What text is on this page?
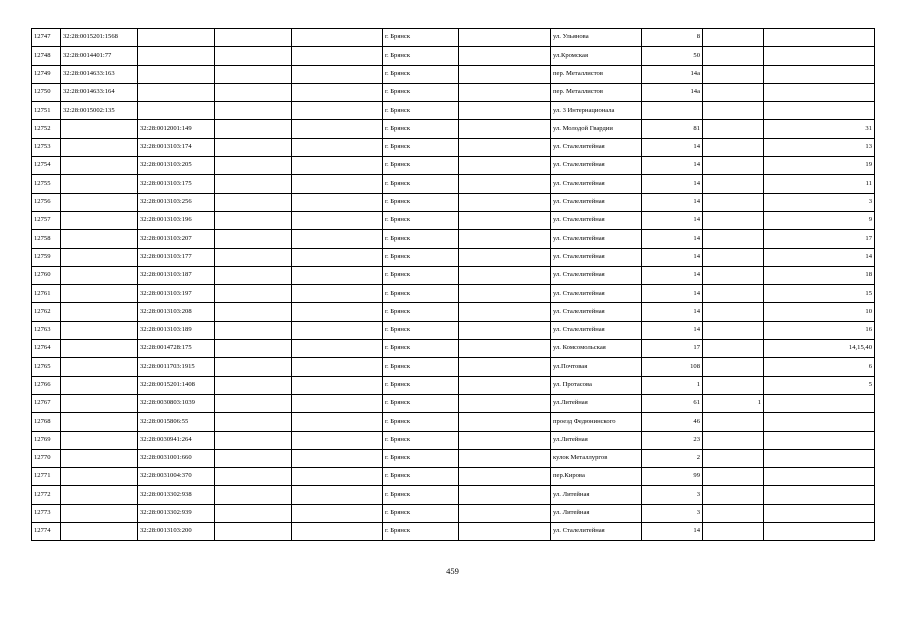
12747	32:28:0015201:1568				г. Брянск		ул. Ульянова	8		
12748	32:28:0014401:77				г. Брянск		ул.Кромская	50		
12749	32:28:0014633:163				г. Брянск		пер. Металлистов	14а		
12750	32:28:0014633:164				г. Брянск		пер. Металлистов	14а		
12751	32:28:0015002:135				г. Брянск		ул. 3 Интернационала			
12752		32:28:0012001:149			г. Брянск		ул. Молодой Гвардии	81		31
12753		32:28:0013103:174			г. Брянск		ул. Сталелитейная	14		13
12754		32:28:0013103:205			г. Брянск		ул. Сталелитейная	14		19
12755		32:28:0013103:175			г. Брянск		ул. Сталелитейная	14		11
12756		32:28:0013103:256			г. Брянск		ул. Сталелитейная	14		3
12757		32:28:0013103:196			г. Брянск		ул. Сталелитейная	14		9
12758		32:28:0013103:207			г. Брянск		ул. Сталелитейная	14		17
12759		32:28:0013103:177			г. Брянск		ул. Сталелитейная	14		14
12760		32:28:0013103:187			г. Брянск		ул. Сталелитейная	14		18
12761		32:28:0013103:197			г. Брянск		ул. Сталелитейная	14		15
12762		32:28:0013103:208			г. Брянск		ул. Сталелитейная	14		10
12763		32:28:0013103:189			г. Брянск		ул. Сталелитейная	14		16
12764		32:28:0014728:175			г. Брянск		ул. Комсомольская	17		14,15,40
12765		32:28:0011703:1915			г. Брянск		ул.Почтовая	108		6
12766		32:28:0015201:1408			г. Брянск		ул. Протасова	1		5
12767		32:28:0030803:1039			г. Брянск		ул.Литейная	61	1	
12768		32:28:0015806:55			г. Брянск		проезд Федюнинского	46		
12769		32:28:0030941:264			г. Брянск		ул.Литейная	23		
12770		32:28:0031001:660			г. Брянск		кулок Металлургов	2		
12771		32:28:0031004:370			г. Брянск		пер.Кирова	99		
12772		32:28:0013302:938			г. Брянск		ул. Литейная	3		
12773		32:28:0013302:939			г. Брянск		ул. Литейная	3		
12774		32:28:0013103:200			г. Брянск		ул. Сталелитейная	14		
459
